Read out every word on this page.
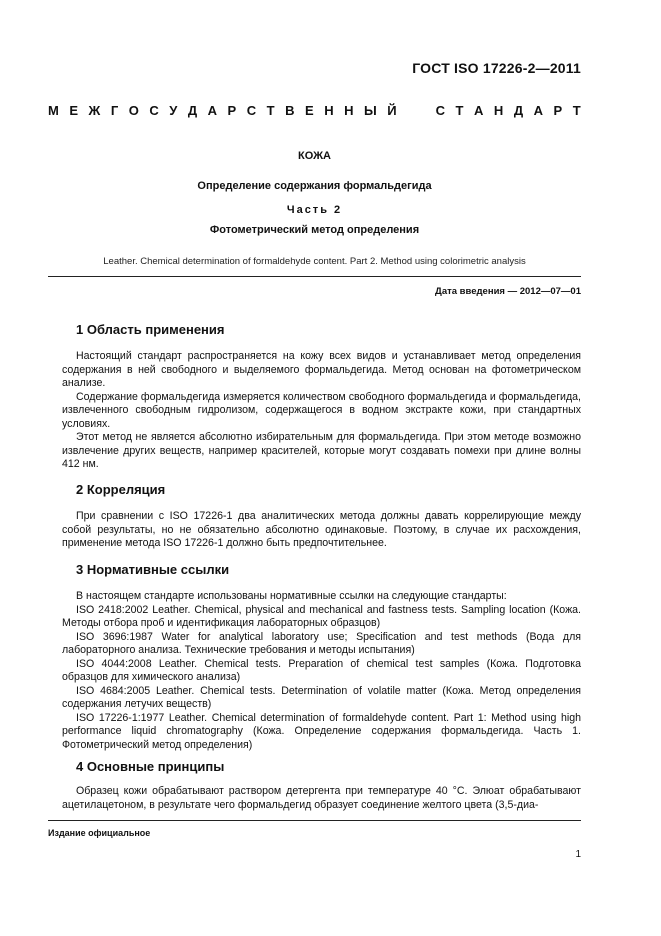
ГОСТ ISO 17226-2—2011
М Е Ж Г О С У Д А Р С Т В Е Н Н Ы Й	С Т А Н Д А Р Т
КОЖА
Определение содержания формальдегида
Часть 2
Фотометрический метод определения
Leather. Chemical determination of formaldehyde content. Part 2. Method using colorimetric analysis
Дата введения — 2012—07—01
1 Область применения

Настоящий стандарт распространяется на кожу всех видов и устанавливает метод определения содержания в ней свободного и выделяемого формальдегида. Метод основан на фотометрическом анализе.

Содержание формальдегида измеряется количеством свободного формальдегида и формальдегида, извлеченного свободным гидролизом, содержащегося в водном экстракте кожи, при стандартных условиях.

Этот метод не является абсолютно избирательным для формальдегида. При этом методе возможно извлечение других веществ, например красителей, которые могут создавать помехи при длине волны 412 нм.

2 Корреляция

При сравнении с ISO 17226-1 два аналитических метода должны давать коррелирующие между собой результаты, но не обязательно абсолютно одинаковые. Поэтому, в случае их расхождения, применение метода ISO 17226-1 должно быть предпочтительнее.

3 Нормативные ссылки

В настоящем стандарте использованы нормативные ссылки на следующие стандарты:

ISO 2418:2002 Leather. Chemical, physical and mechanical and fastness tests. Sampling location (Кожа. Методы отбора проб и идентификация лабораторных образцов)

ISO 3696:1987 Water for analytical laboratory use; Specification and test methods (Вода для лабораторного анализа. Технические требования и методы испытания)

ISO 4044:2008 Leather. Chemical tests. Preparation of chemical test samples (Кожа. Подготовка образцов для химического анализа)

ISO 4684:2005 Leather. Chemical tests. Determination of volatile matter (Кожа. Метод определения содержания летучих веществ)

ISO 17226-1:1977 Leather. Chemical determination of formaldehyde content. Part 1: Method using high performance liquid chromatography (Кожа. Определение содержания формальдегида. Часть 1. Фотометрический метод определения)

4 Основные принципы

Образец кожи обрабатывают раствором детергента при температуре 40 °С. Элюат обрабатывают ацетилацетоном, в результате чего формальдегид образует соединение желтого цвета (3,5-диа-

Издание официальное
1
